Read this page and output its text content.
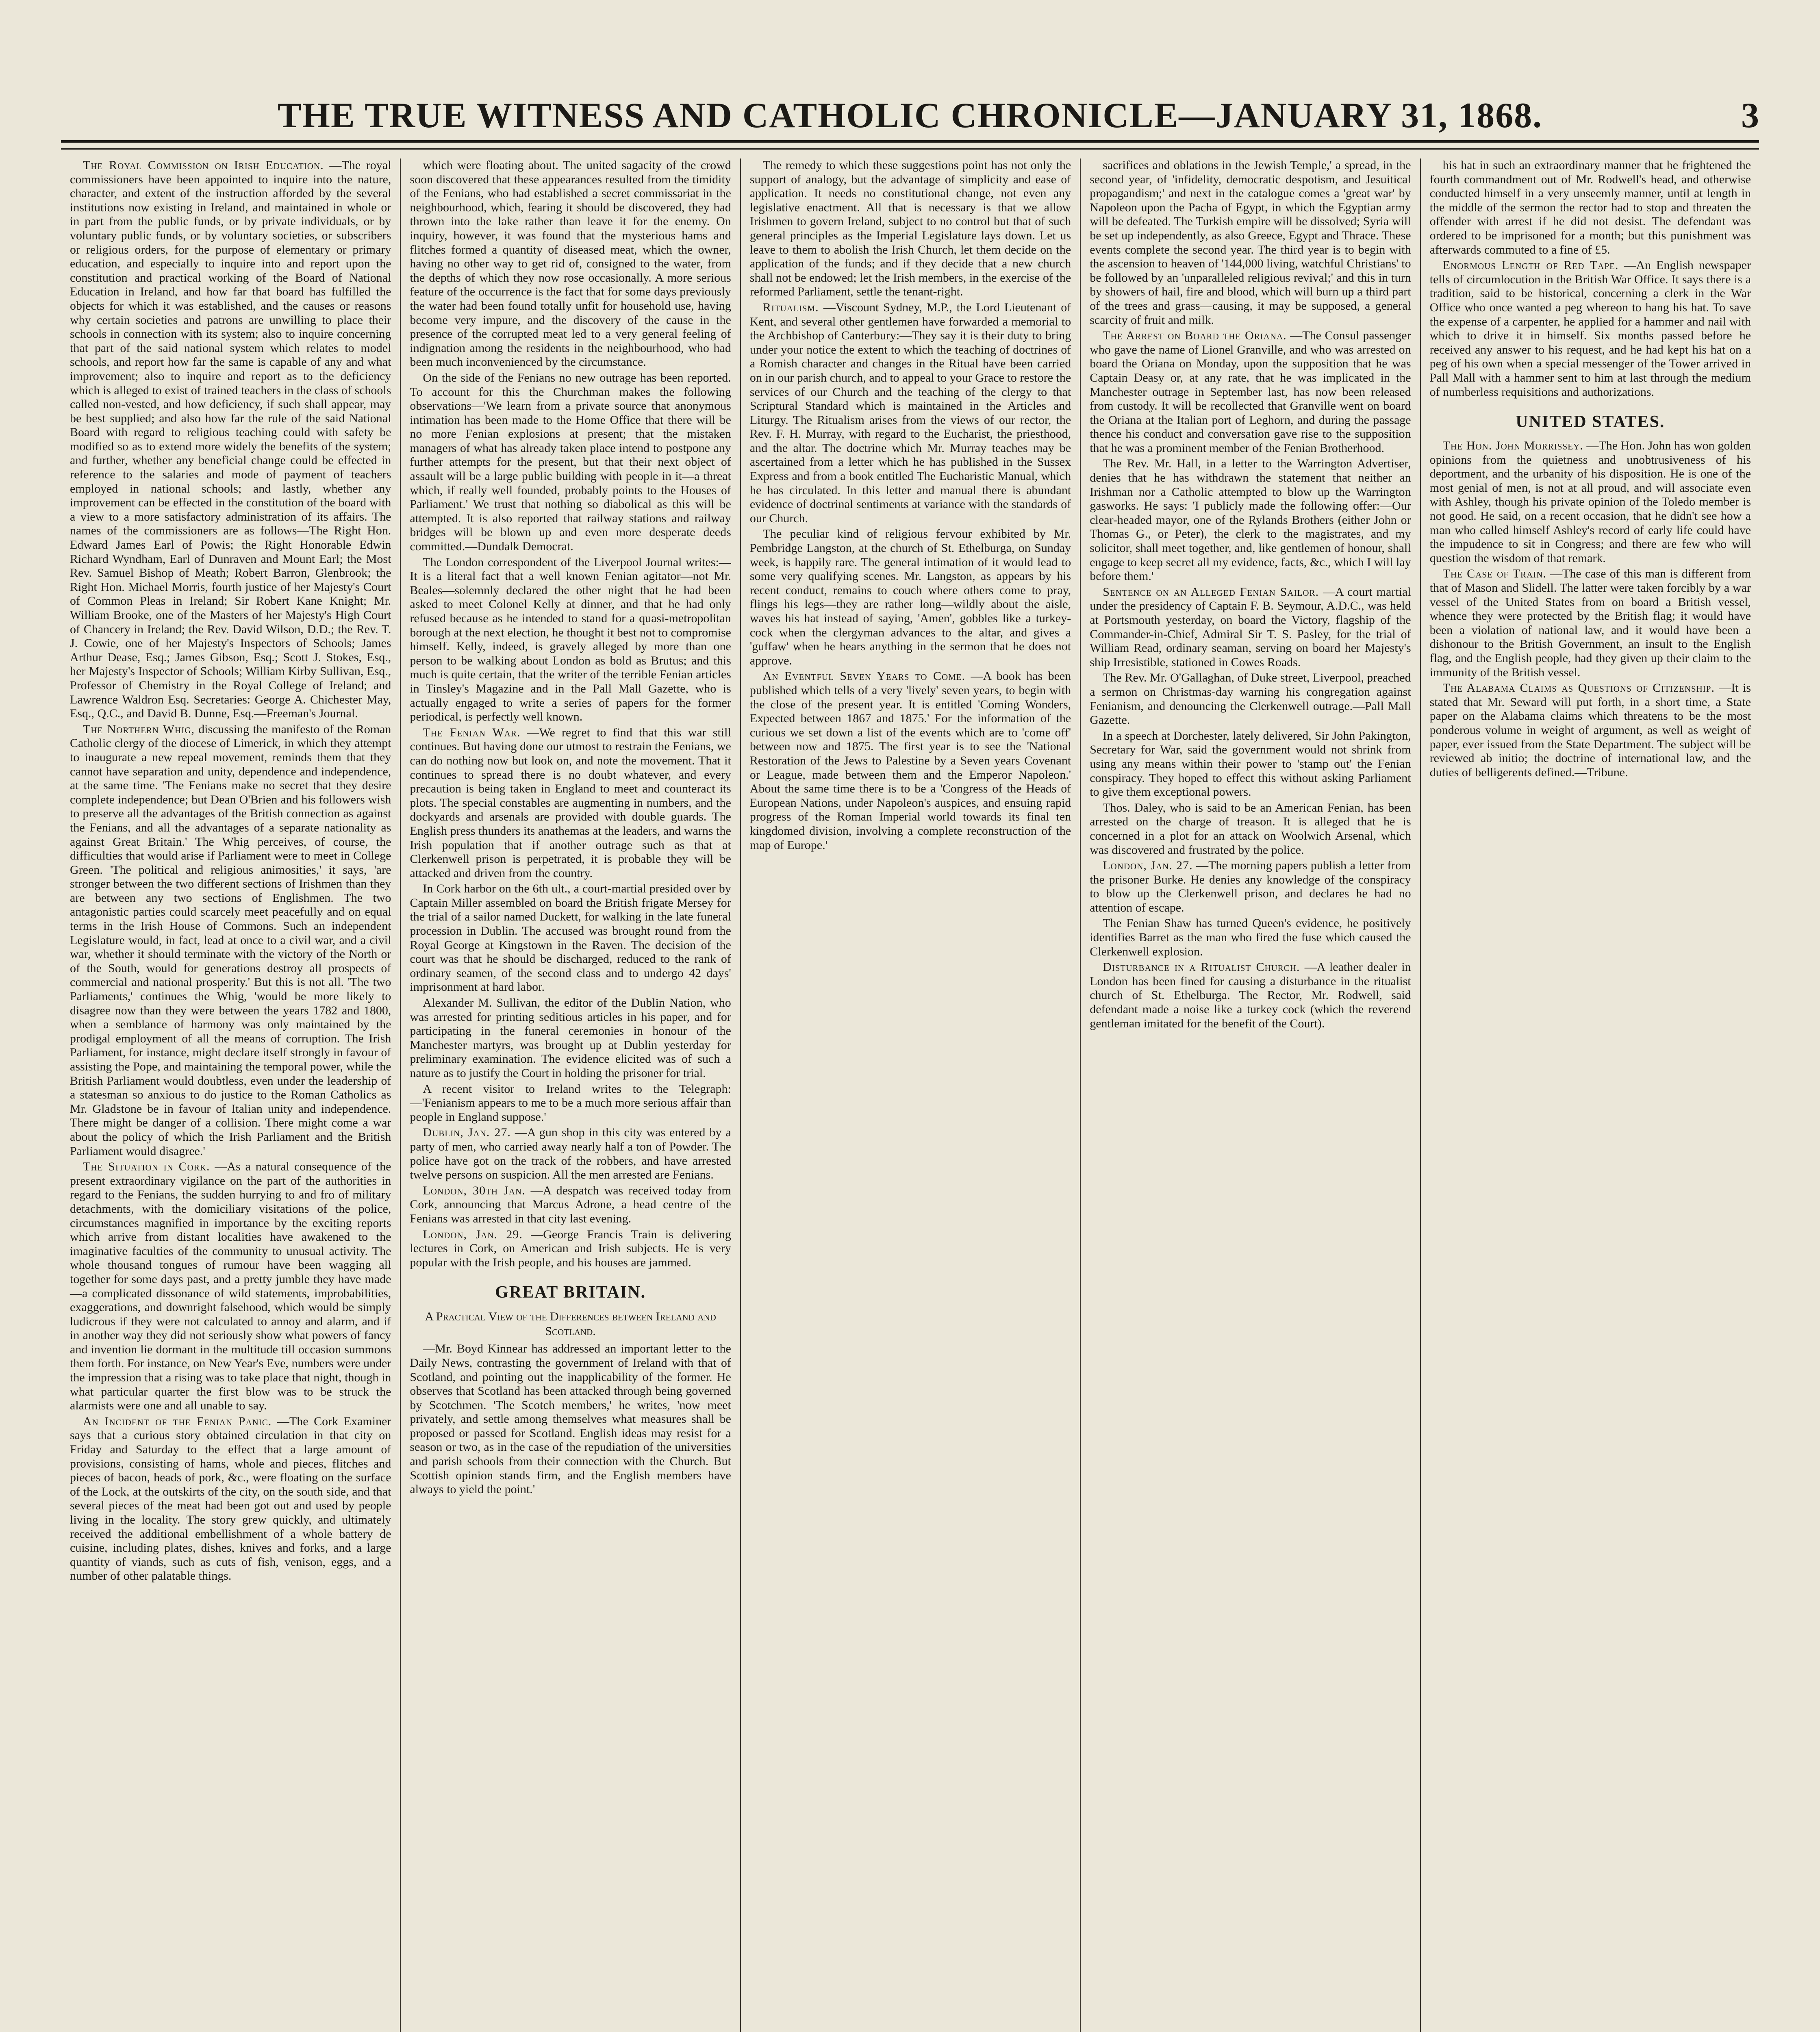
THE TRUE WITNESS AND CATHOLIC CHRONICLE—JANUARY 31, 1868.	3

The Royal Commission on Irish Education. —The royal commissioners have been appointed to inquire into the nature, character, and extent of the instruction afforded by the several institutions now existing in Ireland, and maintained in whole or in part from the public funds, or by private individuals, or by voluntary public funds, or by voluntary societies, or subscribers or religious orders, for the purpose of elementary or primary education, and especially to inquire into and report upon the constitution and practical working of the Board of National Education in Ireland, and how far that board has fulfilled the objects for which it was established, and the causes or reasons why certain societies and patrons are unwilling to place their schools in connection with its system; also to inquire concerning that part of the said national system which relates to model schools, and report how far the same is capable of any and what improvement; also to inquire and report as to the deficiency which is alleged to exist of trained teachers in the class of schools called non-vested, and how deficiency, if such shall appear, may be best supplied; and also how far the rule of the said National Board with regard to religious teaching could with safety be modified so as to extend more widely the benefits of the system; and further, whether any beneficial change could be effected in reference to the salaries and mode of payment of teachers employed in national schools; and lastly, whether any improvement can be effected in the constitution of the board with a view to a more satisfactory administration of its affairs. The names of the commissioners are as follows—The Right Hon. Edward James Earl of Powis; the Right Honorable Edwin Richard Wyndham, Earl of Dunraven and Mount Earl; the Most Rev. Samuel Bishop of Meath; Robert Barron, Glenbrook; the Right Hon. Michael Morris, fourth justice of her Majesty's Court of Common Pleas in Ireland; Sir Robert Kane Knight; Mr. William Brooke, one of the Masters of her Majesty's High Court of Chancery in Ireland; the Rev. David Wilson, D.D.; the Rev. T. J. Cowie, one of her Majesty's Inspectors of Schools; James Arthur Dease, Esq.; James Gibson, Esq.; Scott J. Stokes, Esq., her Majesty's Inspector of Schools; William Kirby Sullivan, Esq., Professor of Chemistry in the Royal College of Ireland; and Lawrence Waldron Esq. Secretaries: George A. Chichester May, Esq., Q.C., and David B. Dunne, Esq.—Freeman's Journal.

The Northern Whig, discussing the manifesto of the Roman Catholic clergy of the diocese of Limerick, in which they attempt to inaugurate a new repeal movement, reminds them that they cannot have separation and unity, dependence and independence, at the same time. 'The Fenians make no secret that they desire complete independence; but Dean O'Brien and his followers wish to preserve all the advantages of the British connection as against the Fenians, and all the advantages of a separate nationality as against Great Britain.' The Whig perceives, of course, the difficulties that would arise if Parliament were to meet in College Green. 'The political and religious animosities,' it says, 'are stronger between the two different sections of Irishmen than they are between any two sections of Englishmen. The two antagonistic parties could scarcely meet peacefully and on equal terms in the Irish House of Commons. Such an independent Legislature would, in fact, lead at once to a civil war, and a civil war, whether it should terminate with the victory of the North or of the South, would for generations destroy all prospects of commercial and national prosperity.' But this is not all. 'The two Parliaments,' continues the Whig, 'would be more likely to disagree now than they were between the years 1782 and 1800, when a semblance of harmony was only maintained by the prodigal employment of all the means of corruption. The Irish Parliament, for instance, might declare itself strongly in favour of assisting the Pope, and maintaining the temporal power, while the British Parliament would doubtless, even under the leadership of a statesman so anxious to do justice to the Roman Catholics as Mr. Gladstone be in favour of Italian unity and independence. There might be danger of a collision. There might come a war about the policy of which the Irish Parliament and the British Parliament would disagree.'

The Situation in Cork. —As a natural consequence of the present extraordinary vigilance on the part of the authorities in regard to the Fenians, the sudden hurrying to and fro of military detachments, with the domiciliary visitations of the police, circumstances magnified in importance by the exciting reports which arrive from distant localities have awakened to the imaginative faculties of the community to unusual activity. The whole thousand tongues of rumour have been wagging all together for some days past, and a pretty jumble they have made—a complicated dissonance of wild statements, improbabilities, exaggerations, and downright falsehood, which would be simply ludicrous if they were not calculated to annoy and alarm, and if in another way they did not seriously show what powers of fancy and invention lie dormant in the multitude till occasion summons them forth. For instance, on New Year's Eve, numbers were under the impression that a rising was to take place that night, though in what particular quarter the first blow was to be struck the alarmists were one and all unable to say.

An Incident of the Fenian Panic. —The Cork Examiner says that a curious story obtained circulation in that city on Friday and Saturday to the effect that a large amount of provisions, consisting of hams, whole and pieces, flitches and pieces of bacon, heads of pork, &c., were floating on the surface of the Lock, at the outskirts of the city, on the south side, and that several pieces of the meat had been got out and used by people living in the locality. The story grew quickly, and ultimately received the additional embellishment of a whole battery de cuisine, including plates, dishes, knives and forks, and a large quantity of viands, such as cuts of fish, venison, eggs, and a number of other palatable things.

which were floating about. The united sagacity of the crowd soon discovered that these appearances resulted from the timidity of the Fenians, who had established a secret commissariat in the neighbourhood, which, fearing it should be discovered, they had thrown into the lake rather than leave it for the enemy. On inquiry, however, it was found that the mysterious hams and flitches formed a quantity of diseased meat, which the owner, having no other way to get rid of, consigned to the water, from the depths of which they now rose occasionally. A more serious feature of the occurrence is the fact that for some days previously the water had been found totally unfit for household use, having become very impure, and the discovery of the cause in the presence of the corrupted meat led to a very general feeling of indignation among the residents in the neighbourhood, who had been much inconvenienced by the circumstance.

On the side of the Fenians no new outrage has been reported. To account for this the Churchman makes the following observations—'We learn from a private source that anonymous intimation has been made to the Home Office that there will be no more Fenian explosions at present; that the mistaken managers of what has already taken place intend to postpone any further attempts for the present, but that their next object of assault will be a large public building with people in it—a threat which, if really well founded, probably points to the Houses of Parliament.' We trust that nothing so diabolical as this will be attempted. It is also reported that railway stations and railway bridges will be blown up and even more desperate deeds committed.—Dundalk Democrat.

The London correspondent of the Liverpool Journal writes:—It is a literal fact that a well known Fenian agitator—not Mr. Beales—solemnly declared the other night that he had been asked to meet Colonel Kelly at dinner, and that he had only refused because as he intended to stand for a quasi-metropolitan borough at the next election, he thought it best not to compromise himself. Kelly, indeed, is gravely alleged by more than one person to be walking about London as bold as Brutus; and this much is quite certain, that the writer of the terrible Fenian articles in Tinsley's Magazine and in the Pall Mall Gazette, who is actually engaged to write a series of papers for the former periodical, is perfectly well known.

The Fenian War. —We regret to find that this war still continues. But having done our utmost to restrain the Fenians, we can do nothing now but look on, and note the movement. That it continues to spread there is no doubt whatever, and every precaution is being taken in England to meet and counteract its plots. The special constables are augmenting in numbers, and the dockyards and arsenals are provided with double guards. The English press thunders its anathemas at the leaders, and warns the Irish population that if another outrage such as that at Clerkenwell prison is perpetrated, it is probable they will be attacked and driven from the country.

In Cork harbor on the 6th ult., a court-martial presided over by Captain Miller assembled on board the British frigate Mersey for the trial of a sailor named Duckett, for walking in the late funeral procession in Dublin. The accused was brought round from the Royal George at Kingstown in the Raven. The decision of the court was that he should be discharged, reduced to the rank of ordinary seamen, of the second class and to undergo 42 days' imprisonment at hard labor.

Alexander M. Sullivan, the editor of the Dublin Nation, who was arrested for printing seditious articles in his paper, and for participating in the funeral ceremonies in honour of the Manchester martyrs, was brought up at Dublin yesterday for preliminary examination. The evidence elicited was of such a nature as to justify the Court in holding the prisoner for trial.

A recent visitor to Ireland writes to the Telegraph:—'Fenianism appears to me to be a much more serious affair than people in England suppose.'

Dublin, Jan. 27. —A gun shop in this city was entered by a party of men, who carried away nearly half a ton of Powder. The police have got on the track of the robbers, and have arrested twelve persons on suspicion. All the men arrested are Fenians.

London, 30th Jan. —A despatch was received today from Cork, announcing that Marcus Adrone, a head centre of the Fenians was arrested in that city last evening.

London, Jan. 29. —George Francis Train is delivering lectures in Cork, on American and Irish subjects. He is very popular with the Irish people, and his houses are jammed.

GREAT BRITAIN.
A Practical View of the Differences between Ireland and Scotland.

—Mr. Boyd Kinnear has addressed an important letter to the Daily News, contrasting the government of Ireland with that of Scotland, and pointing out the inapplicability of the former. He observes that Scotland has been attacked through being governed by Scotchmen. 'The Scotch members,' he writes, 'now meet privately, and settle among themselves what measures shall be proposed or passed for Scotland. English ideas may resist for a season or two, as in the case of the repudiation of the universities and parish schools from their connection with the Church. But Scottish opinion stands firm, and the English members have always to yield the point.'

The remedy to which these suggestions point has not only the support of analogy, but the advantage of simplicity and ease of application. It needs no constitutional change, not even any legislative enactment. All that is necessary is that we allow Irishmen to govern Ireland, subject to no control but that of such general principles as the Imperial Legislature lays down. Let us leave to them to abolish the Irish Church, let them decide on the application of the funds; and if they decide that a new church shall not be endowed; let the Irish members, in the exercise of the reformed Parliament, settle the tenant-right.

Ritualism. —Viscount Sydney, M.P., the Lord Lieutenant of Kent, and several other gentlemen have forwarded a memorial to the Archbishop of Canterbury:—They say it is their duty to bring under your notice the extent to which the teaching of doctrines of a Romish character and changes in the Ritual have been carried on in our parish church, and to appeal to your Grace to restore the services of our Church and the teaching of the clergy to that Scriptural Standard which is maintained in the Articles and Liturgy. The Ritualism arises from the views of our rector, the Rev. F. H. Murray, with regard to the Eucharist, the priesthood, and the altar. The doctrine which Mr. Murray teaches may be ascertained from a letter which he has published in the Sussex Express and from a book entitled The Eucharistic Manual, which he has circulated. In this letter and manual there is abundant evidence of doctrinal sentiments at variance with the standards of our Church.

The peculiar kind of religious fervour exhibited by Mr. Pembridge Langston, at the church of St. Ethelburga, on Sunday week, is happily rare. The general intimation of it would lead to some very qualifying scenes. Mr. Langston, as appears by his recent conduct, remains to couch where others come to pray, flings his legs—they are rather long—wildly about the aisle, waves his hat instead of saying, 'Amen', gobbles like a turkey-cock when the clergyman advances to the altar, and gives a 'guffaw' when he hears anything in the sermon that he does not approve.

An Eventful Seven Years to Come. —A book has been published which tells of a very 'lively' seven years, to begin with the close of the present year. It is entitled 'Coming Wonders, Expected between 1867 and 1875.' For the information of the curious we set down a list of the events which are to 'come off' between now and 1875. The first year is to see the 'National Restoration of the Jews to Palestine by a Seven years Covenant or League, made between them and the Emperor Napoleon.' About the same time there is to be a 'Congress of the Heads of European Nations, under Napoleon's auspices, and ensuing rapid progress of the Roman Imperial world towards its final ten kingdomed division, involving a complete reconstruction of the map of Europe.'

sacrifices and oblations in the Jewish Temple,' a spread, in the second year, of 'infidelity, democratic despotism, and Jesuitical propagandism;' and next in the catalogue comes a 'great war' by Napoleon upon the Pacha of Egypt, in which the Egyptian army will be defeated. The Turkish empire will be dissolved; Syria will be set up independently, as also Greece, Egypt and Thrace. These events complete the second year. The third year is to begin with the ascension to heaven of '144,000 living, watchful Christians' to be followed by an 'unparalleled religious revival;' and this in turn by showers of hail, fire and blood, which will burn up a third part of the trees and grass—causing, it may be supposed, a general scarcity of fruit and milk.

The Arrest on Board the Oriana. —The Consul passenger who gave the name of Lionel Granville, and who was arrested on board the Oriana on Monday, upon the supposition that he was Captain Deasy or, at any rate, that he was implicated in the Manchester outrage in September last, has now been released from custody. It will be recollected that Granville went on board the Oriana at the Italian port of Leghorn, and during the passage thence his conduct and conversation gave rise to the supposition that he was a prominent member of the Fenian Brotherhood.

The Rev. Mr. Hall, in a letter to the Warrington Advertiser, denies that he has withdrawn the statement that neither an Irishman nor a Catholic attempted to blow up the Warrington gasworks. He says: 'I publicly made the following offer:—Our clear-headed mayor, one of the Rylands Brothers (either John or Thomas G., or Peter), the clerk to the magistrates, and my solicitor, shall meet together, and, like gentlemen of honour, shall engage to keep secret all my evidence, facts, &c., which I will lay before them.'

Sentence on an Alleged Fenian Sailor. —A court martial under the presidency of Captain F. B. Seymour, A.D.C., was held at Portsmouth yesterday, on board the Victory, flagship of the Commander-in-Chief, Admiral Sir T. S. Pasley, for the trial of William Read, ordinary seaman, serving on board her Majesty's ship Irresistible, stationed in Cowes Roads.

The Rev. Mr. O'Gallaghan, of Duke street, Liverpool, preached a sermon on Christmas-day warning his congregation against Fenianism, and denouncing the Clerkenwell outrage.—Pall Mall Gazette.

In a speech at Dorchester, lately delivered, Sir John Pakington, Secretary for War, said the government would not shrink from using any means within their power to 'stamp out' the Fenian conspiracy. They hoped to effect this without asking Parliament to give them exceptional powers.

Thos. Daley, who is said to be an American Fenian, has been arrested on the charge of treason. It is alleged that he is concerned in a plot for an attack on Woolwich Arsenal, which was discovered and frustrated by the police.

London, Jan. 27. —The morning papers publish a letter from the prisoner Burke. He denies any knowledge of the conspiracy to blow up the Clerkenwell prison, and declares he had no attention of escape.

The Fenian Shaw has turned Queen's evidence, he positively identifies Barret as the man who fired the fuse which caused the Clerkenwell explosion.

Disturbance in a Ritualist Church. —A leather dealer in London has been fined for causing a disturbance in the ritualist church of St. Ethelburga. The Rector, Mr. Rodwell, said defendant made a noise like a turkey cock (which the reverend gentleman imitated for the benefit of the Court).

his hat in such an extraordinary manner that he frightened the fourth commandment out of Mr. Rodwell's head, and otherwise conducted himself in a very unseemly manner, until at length in the middle of the sermon the rector had to stop and threaten the offender with arrest if he did not desist. The defendant was ordered to be imprisoned for a month; but this punishment was afterwards commuted to a fine of £5.

Enormous Length of Red Tape. —An English newspaper tells of circumlocution in the British War Office. It says there is a tradition, said to be historical, concerning a clerk in the War Office who once wanted a peg whereon to hang his hat. To save the expense of a carpenter, he applied for a hammer and nail with which to drive it in himself. Six months passed before he received any answer to his request, and he had kept his hat on a peg of his own when a special messenger of the Tower arrived in Pall Mall with a hammer sent to him at last through the medium of numberless requisitions and authorizations.

UNITED STATES.

The Hon. John Morrissey. —The Hon. John has won golden opinions from the quietness and unobtrusiveness of his deportment, and the urbanity of his disposition. He is one of the most genial of men, is not at all proud, and will associate even with Ashley, though his private opinion of the Toledo member is not good. He said, on a recent occasion, that he didn't see how a man who called himself Ashley's record of early life could have the impudence to sit in Congress; and there are few who will question the wisdom of that remark.

The Case of Train. —The case of this man is different from that of Mason and Slidell. The latter were taken forcibly by a war vessel of the United States from on board a British vessel, whence they were protected by the British flag; it would have been a violation of national law, and it would have been a dishonour to the British Government, an insult to the English flag, and the English people, had they given up their claim to the immunity of the British vessel.

The Alabama Claims as Questions of Citizenship. —It is stated that Mr. Seward will put forth, in a short time, a State paper on the Alabama claims which threatens to be the most ponderous volume in weight of argument, as well as weight of paper, ever issued from the State Department. The subject will be reviewed ab initio; the doctrine of international law, and the duties of belligerents defined.—Tribune.
